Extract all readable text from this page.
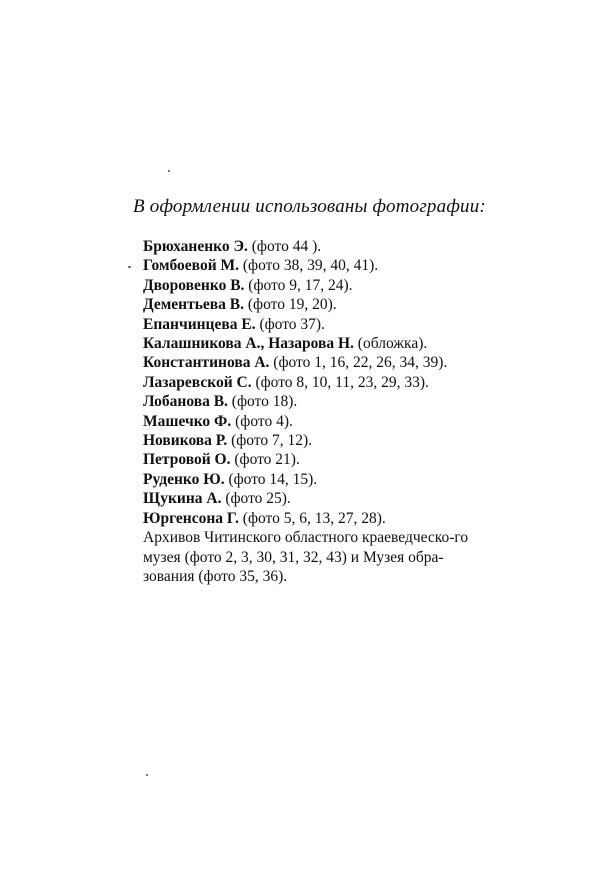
В оформлении использованы фотографии:
Брюханенко Э. (фото 44 ).
Гомбоевой М. (фото 38, 39, 40, 41).
Дворовенко В. (фото 9, 17, 24).
Дементьева В. (фото 19, 20).
Епанчинцева Е. (фото 37).
Калашникова А., Назарова Н. (обложка).
Константинова А. (фото 1, 16, 22, 26, 34, 39).
Лазаревской С. (фото 8, 10, 11, 23, 29, 33).
Лобанова В. (фото 18).
Машечко Ф. (фото 4).
Новикова Р. (фото 7, 12).
Петровой О. (фото 21).
Руденко Ю. (фото 14, 15).
Щукина А. (фото 25).
Юргенсона Г. (фото 5, 6, 13, 27, 28).
Архивов Читинского областного краеведческо-го музея (фото 2, 3, 30, 31, 32, 43) и Музея обра-зования (фото 35, 36).
